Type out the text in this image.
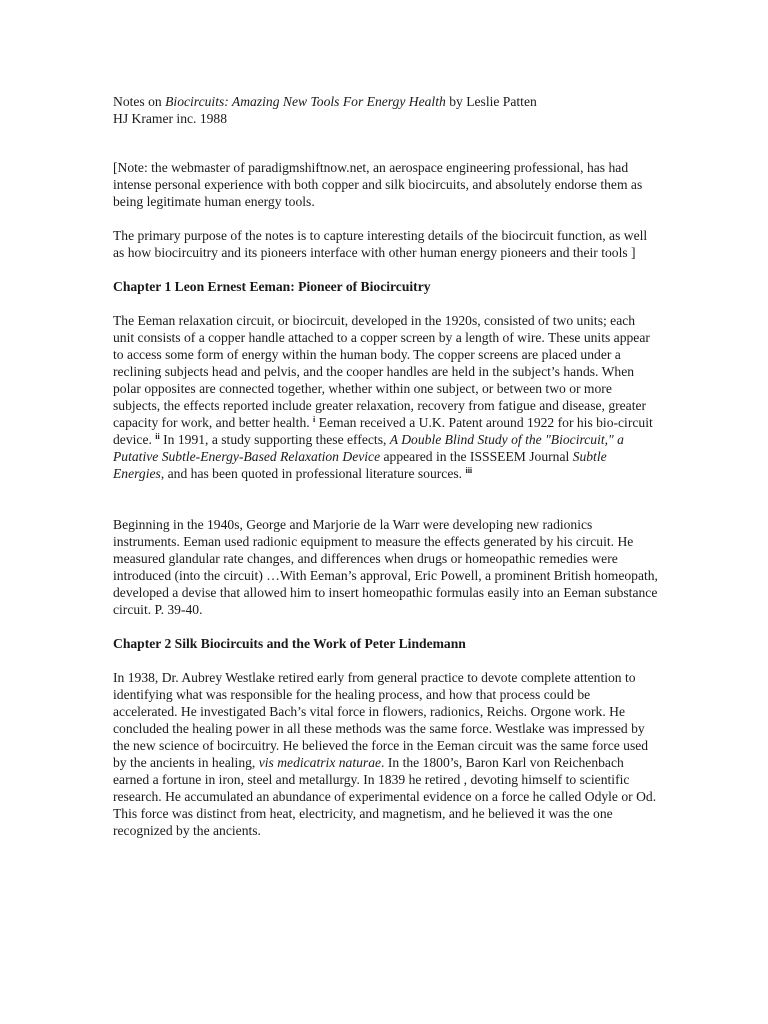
Notes on Biocircuits: Amazing New Tools For Energy Health by Leslie Patten

HJ Kramer inc. 1988

[Note: the webmaster of paradigmshiftnow.net, an aerospace engineering professional, has had intense personal experience with both copper and silk biocircuits, and absolutely endorse them as being legitimate human energy tools.

The primary purpose of the notes is to capture interesting details of the biocircuit function, as well as how biocircuitry and its pioneers interface with other human energy pioneers and their tools ]

Chapter 1 Leon Ernest Eeman: Pioneer of Biocircuitry

The Eeman relaxation circuit, or biocircuit, developed in the 1920s, consisted of two units; each unit consists of a copper handle attached to a copper screen by a length of wire. These units appear to access some form of energy within the human body. The copper screens are placed under a reclining subjects head and pelvis, and the cooper handles are held in the subject’s hands. When polar opposites are connected together, whether within one subject, or between two or more subjects, the effects reported include greater relaxation, recovery from fatigue and disease, greater capacity for work, and better health. $^i$ Eeman received a U.K. Patent around 1922 for his bio-circuit device. $^{ii}$ In 1991, a study supporting these effects, A Double Blind Study of the "Biocircuit," a Putative Subtle-Energy-Based Relaxation Device appeared in the ISSSEEM Journal Subtle Energies, and has been quoted in professional literature sources. $^{iii}$

Beginning in the 1940s, George and Marjorie de la Warr were developing new radionics instruments. Eeman used radionic equipment to measure the effects generated by his circuit. He measured glandular rate changes, and differences when drugs or homeopathic remedies were introduced (into the circuit) …With Eeman’s approval, Eric Powell, a prominent British homeopath, developed a devise that allowed him to insert homeopathic formulas easily into an Eeman substance circuit. P. 39-40.

Chapter 2 Silk Biocircuits and the Work of Peter Lindemann

In 1938, Dr. Aubrey Westlake retired early from general practice to devote complete attention to identifying what was responsible for the healing process, and how that process could be accelerated. He investigated Bach’s vital force in flowers, radionics, Reichs. Orgone work. He concluded the healing power in all these methods was the same force. Westlake was impressed by the new science of bocircuitry. He believed the force in the Eeman circuit was the same force used by the ancients in healing, vis medicatrix naturae. In the 1800’s, Baron Karl von Reichenbach earned a fortune in iron, steel and metallurgy. In 1839 he retired , devoting himself to scientific research. He accumulated an abundance of experimental evidence on a force he called Odyle or Od. This force was distinct from heat, electricity, and magnetism, and he believed it was the one recognized by the ancients.
